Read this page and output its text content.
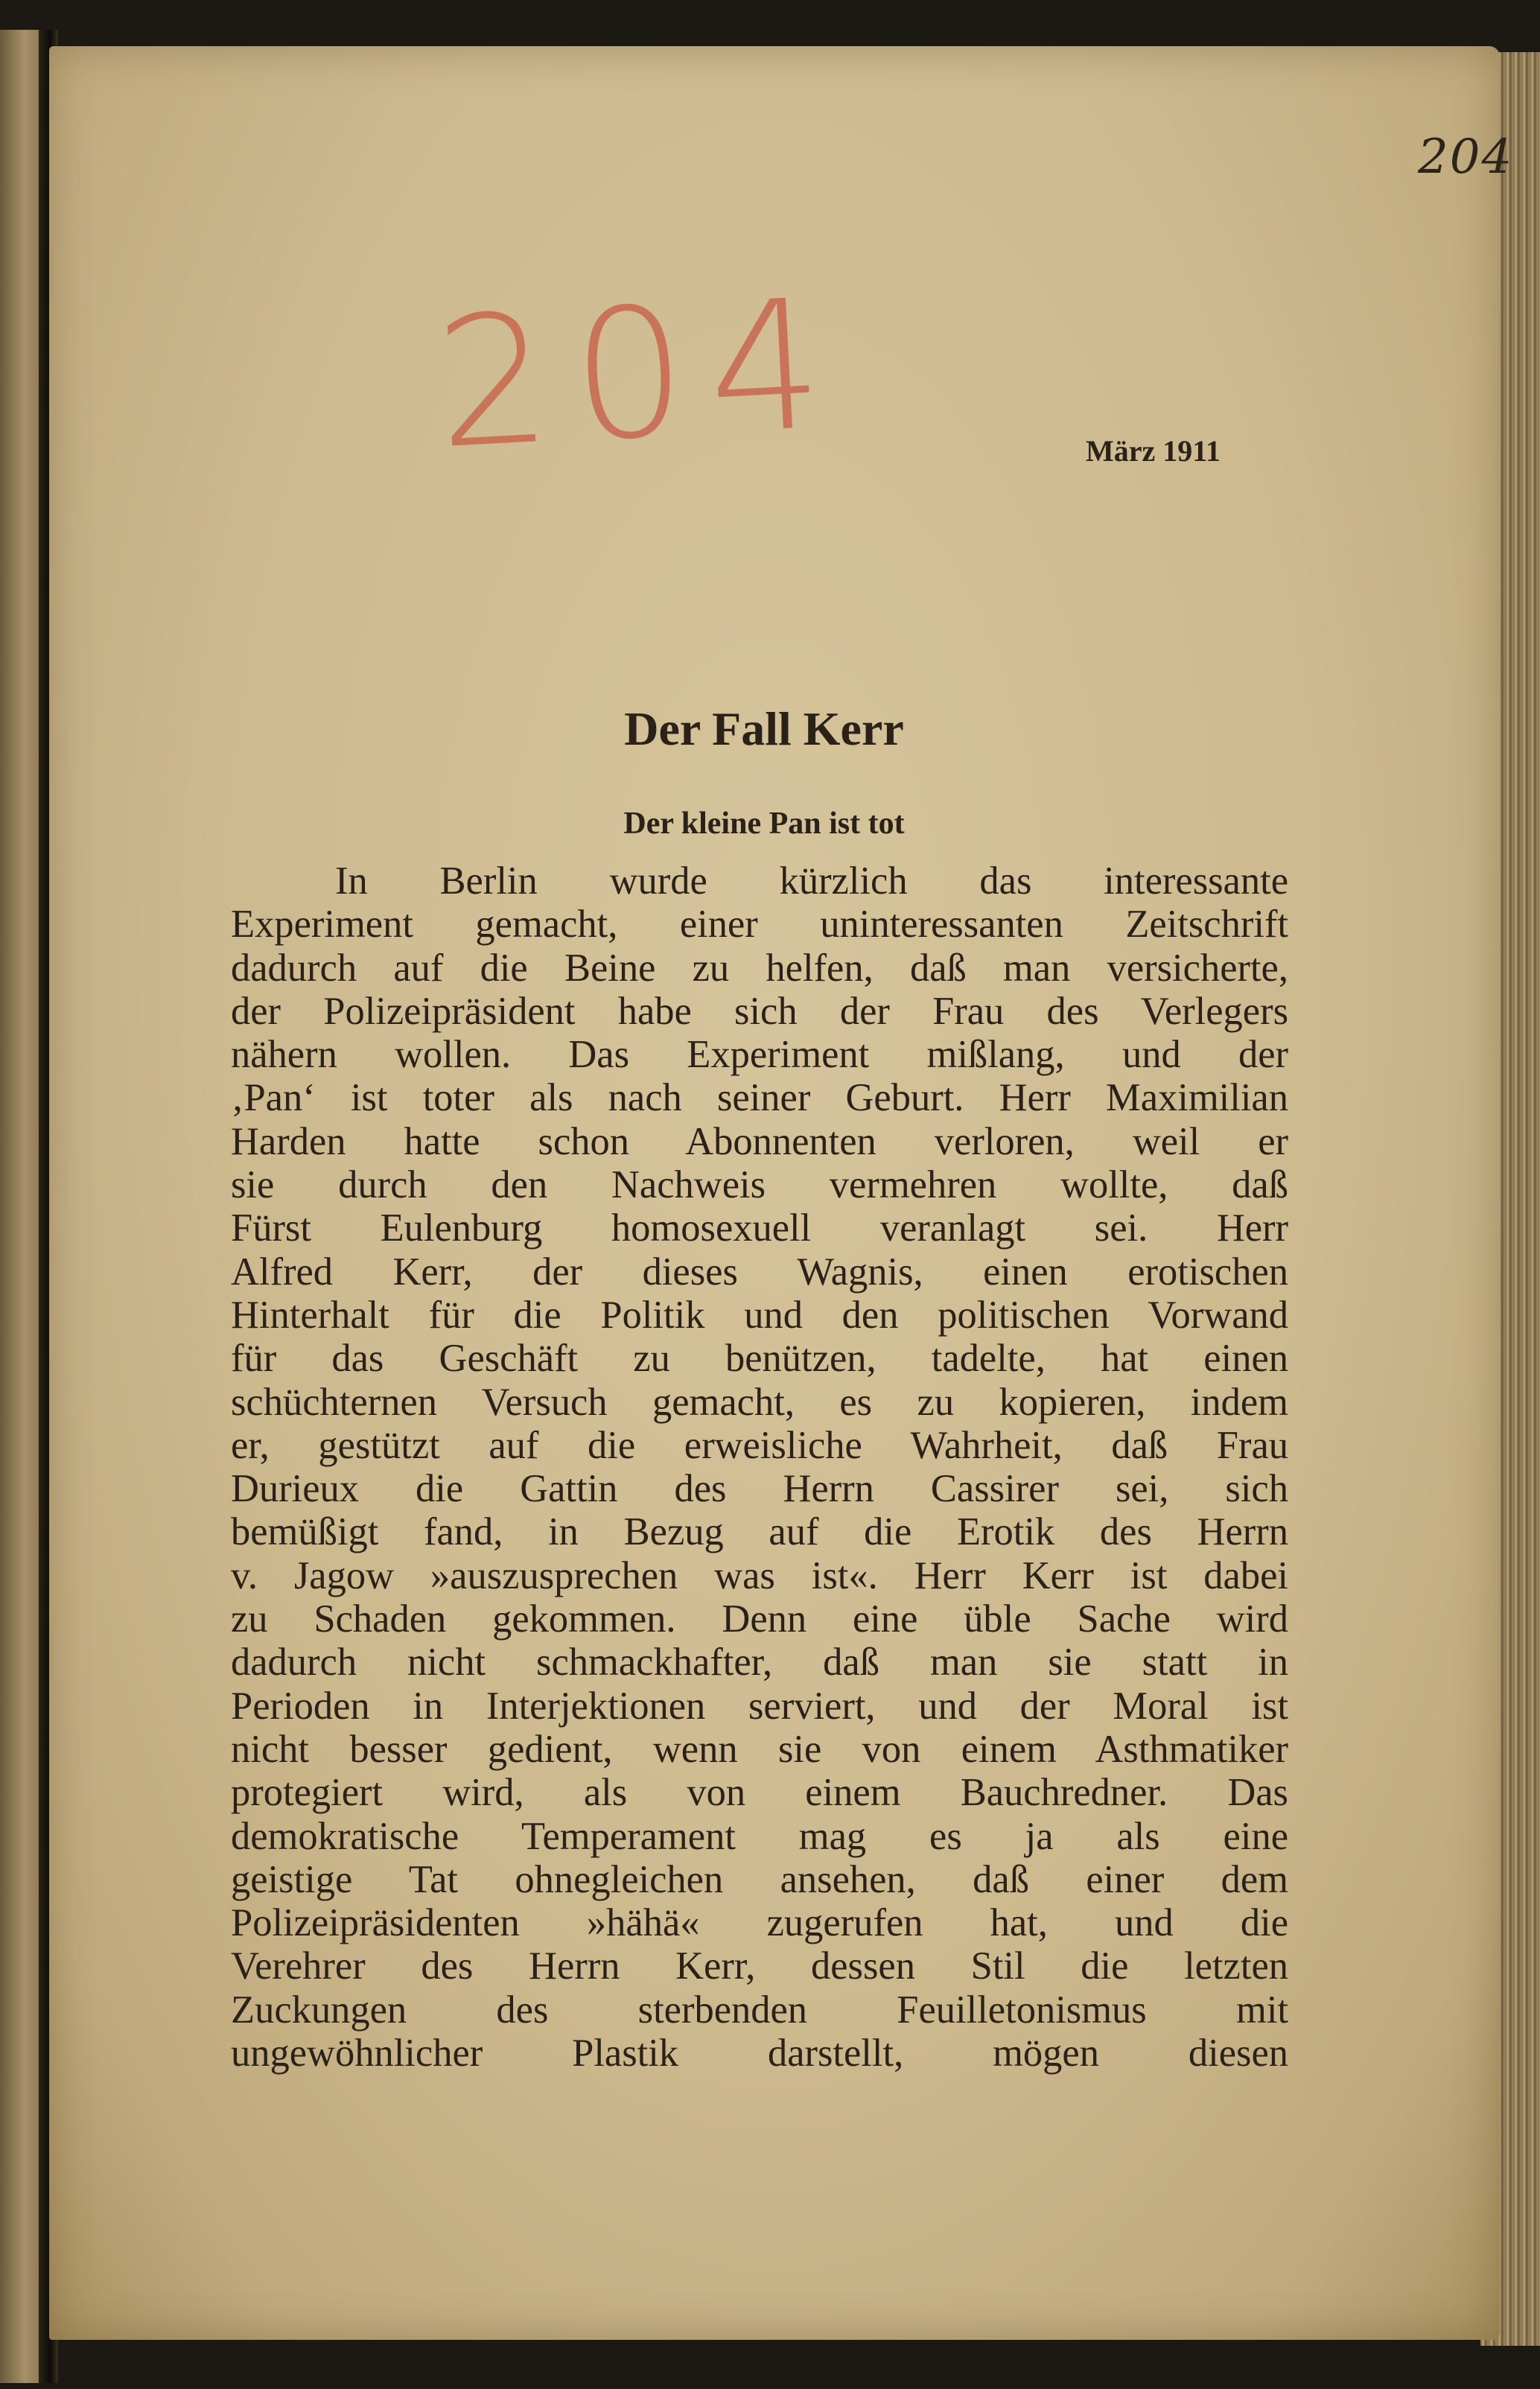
204
204	März 1911
Der Fall Kerr
Der kleine Pan ist tot
In Berlin wurde kürzlich das interessante
Experiment gemacht, einer uninteressanten Zeitschrift
dadurch auf die Beine zu helfen, daß man versicherte,
der Polizeipräsident habe sich der Frau des Verlegers
nähern wollen. Das Experiment mißlang, und der
‚Pan‘ ist toter als nach seiner Geburt. Herr Maximilian
Harden hatte schon Abonnenten verloren, weil er
sie durch den Nachweis vermehren wollte, daß
Fürst Eulenburg homosexuell veranlagt sei. Herr
Alfred Kerr, der dieses Wagnis, einen erotischen
Hinterhalt für die Politik und den politischen Vorwand
für das Geschäft zu benützen, tadelte, hat einen
schüchternen Versuch gemacht, es zu kopieren, indem
er, gestützt auf die erweisliche Wahrheit, daß Frau
Durieux die Gattin des Herrn Cassirer sei, sich
bemüßigt fand, in Bezug auf die Erotik des Herrn
v. Jagow »auszusprechen was ist«. Herr Kerr ist dabei
zu Schaden gekommen. Denn eine üble Sache wird
dadurch nicht schmackhafter, daß man sie statt in
Perioden in Interjektionen serviert, und der Moral ist
nicht besser gedient, wenn sie von einem Asthmatiker
protegiert wird, als von einem Bauchredner. Das
demokratische Temperament mag es ja als eine
geistige Tat ohnegleichen ansehen, daß einer dem
Polizeipräsidenten »hähä« zugerufen hat, und die
Verehrer des Herrn Kerr, dessen Stil die letzten
Zuckungen des sterbenden Feuilletonismus mit
ungewöhnlicher Plastik darstellt, mögen diesen
